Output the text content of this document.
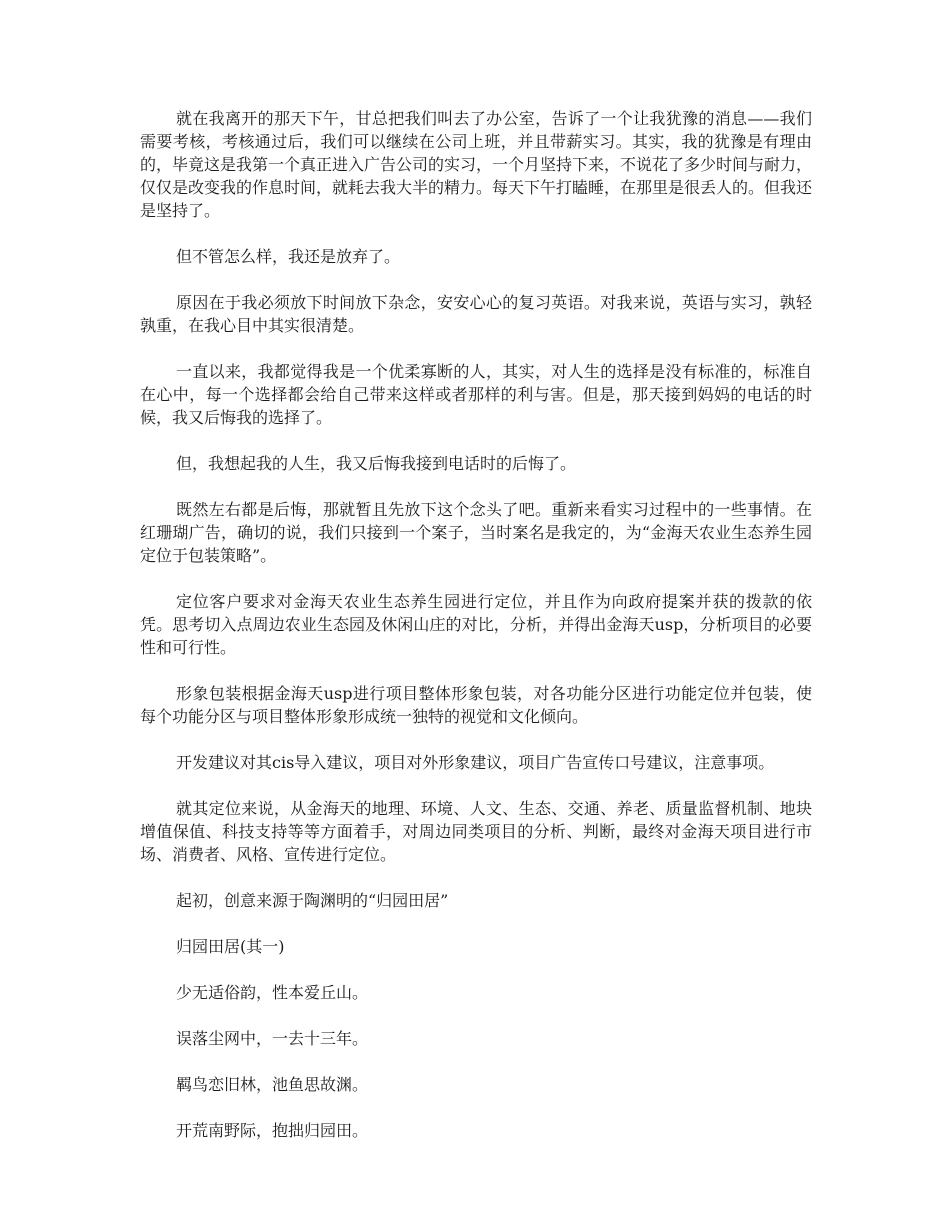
就在我离开的那天下午，甘总把我们叫去了办公室，告诉了一个让我犹豫的消息——我们需要考核，考核通过后，我们可以继续在公司上班，并且带薪实习。其实，我的犹豫是有理由的，毕竟这是我第一个真正进入广告公司的实习，一个月坚持下来，不说花了多少时间与耐力，仅仅是改变我的作息时间，就耗去我大半的精力。每天下午打瞌睡，在那里是很丢人的。但我还是坚持了。

但不管怎么样，我还是放弃了。

原因在于我必须放下时间放下杂念，安安心心的复习英语。对我来说，英语与实习，孰轻孰重，在我心目中其实很清楚。

一直以来，我都觉得我是一个优柔寡断的人，其实，对人生的选择是没有标准的，标准自在心中，每一个选择都会给自己带来这样或者那样的利与害。但是，那天接到妈妈的电话的时候，我又后悔我的选择了。

但，我想起我的人生，我又后悔我接到电话时的后悔了。

既然左右都是后悔，那就暂且先放下这个念头了吧。重新来看实习过程中的一些事情。在红珊瑚广告，确切的说，我们只接到一个案子，当时案名是我定的，为“金海天农业生态养生园定位于包装策略”。

定位客户要求对金海天农业生态养生园进行定位，并且作为向政府提案并获的拨款的依凭。思考切入点周边农业生态园及休闲山庄的对比，分析，并得出金海天usp，分析项目的必要性和可行性。

形象包装根据金海天usp进行项目整体形象包装，对各功能分区进行功能定位并包装，使每个功能分区与项目整体形象形成统一独特的视觉和文化倾向。

开发建议对其cis导入建议，项目对外形象建议，项目广告宣传口号建议，注意事项。

就其定位来说，从金海天的地理、环境、人文、生态、交通、养老、质量监督机制、地块增值保值、科技支持等等方面着手，对周边同类项目的分析、判断，最终对金海天项目进行市场、消费者、风格、宣传进行定位。

起初，创意来源于陶渊明的“归园田居”

归园田居(其一)

少无适俗韵，性本爱丘山。

误落尘网中，一去十三年。

羁鸟恋旧林，池鱼思故渊。

开荒南野际，抱拙归园田。
